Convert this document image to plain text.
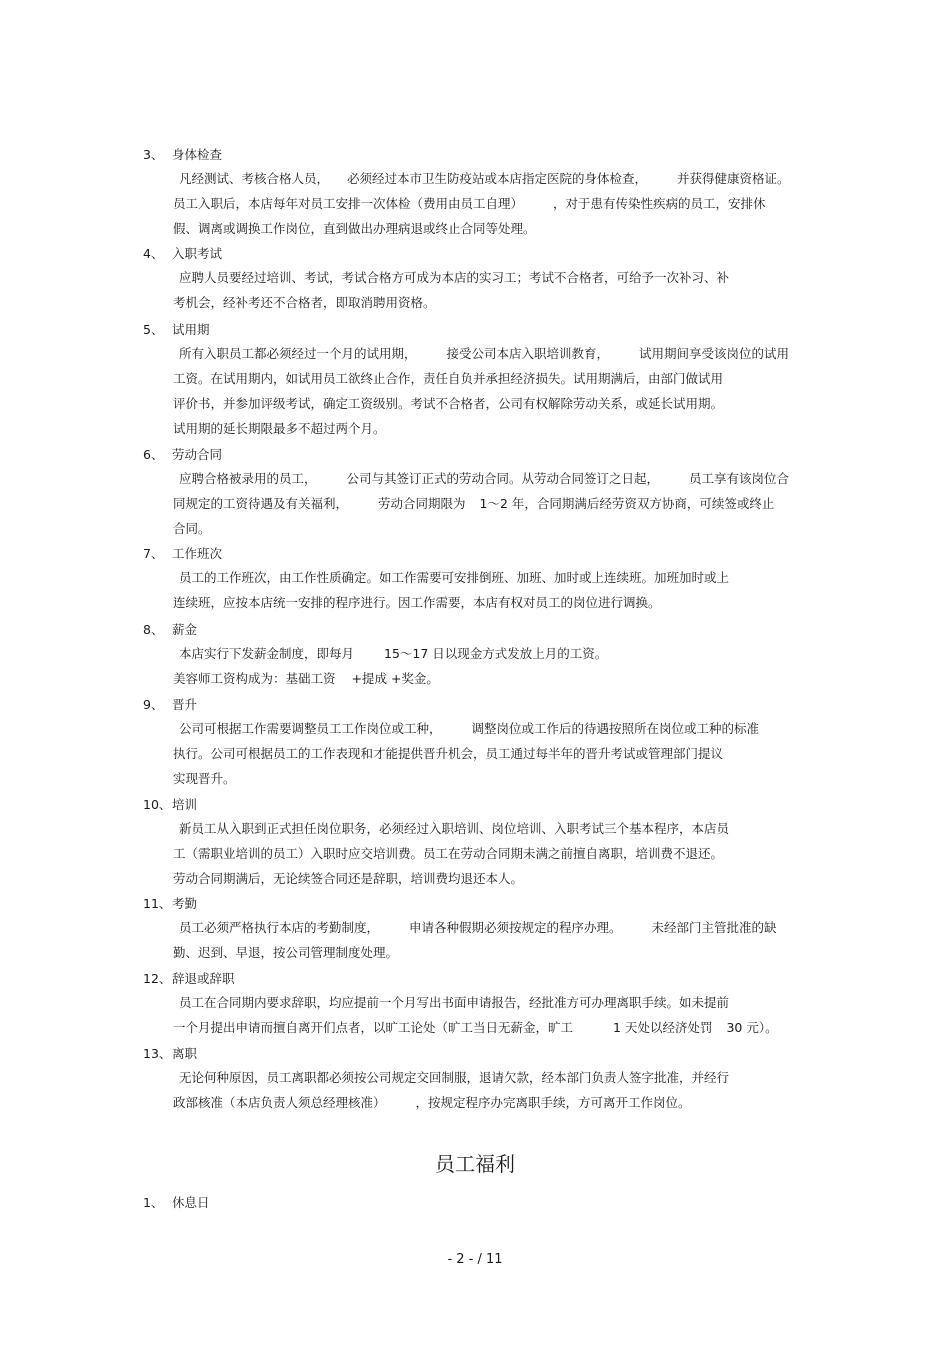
3、 身体检查
凡经测试、考核合格人员， 必须经过本市卫生防疫站或本店指定医院的身体检查， 并获得健康资格证。
员工入职后，本店每年对员工安排一次体检（费用由员工自理） ，对于患有传染性疾病的员工，安排休
假、调离或调换工作岗位，直到做出办理病退或终止合同等处理。
4、 入职考试
应聘人员要经过培训、考试，考试合格方可成为本店的实习工；考试不合格者，可给予一次补习、补
考机会，经补考还不合格者，即取消聘用资格。
5、 试用期
所有入职员工都必须经过一个月的试用期， 接受公司本店入职培训教育， 试用期间享受该岗位的试用
工资。在试用期内，如试用员工欲终止合作，责任自负并承担经济损失。试用期满后，由部门做试用
评价书，并参加评级考试，确定工资级别。考试不合格者，公司有权解除劳动关系，或延长试用期。
试用期的延长期限最多不超过两个月。
6、 劳动合同
应聘合格被录用的员工， 公司与其签订正式的劳动合同。从劳动合同签订之日起， 员工享有该岗位合
同规定的工资待遇及有关福利， 劳动合同期限为 1～2 年，合同期满后经劳资双方协商，可续签或终止
合同。
7、 工作班次
员工的工作班次，由工作性质确定。如工作需要可安排倒班、加班、加时或上连续班。加班加时或上
连续班，应按本店统一安排的程序进行。因工作需要，本店有权对员工的岗位进行调换。
8、 薪金
本店实行下发薪金制度，即每月 15～17 日以现金方式发放上月的工资。
美容师工资构成为：基础工资 +提成 +奖金。
9、 晋升
公司可根据工作需要调整员工工作岗位或工种， 调整岗位或工作后的待遇按照所在岗位或工种的标准
执行。公司可根据员工的工作表现和才能提供晋升机会，员工通过每半年的晋升考试或管理部门提议
实现晋升。
10、培训
新员工从入职到正式担任岗位职务，必须经过入职培训、岗位培训、入职考试三个基本程序，本店员
工（需职业培训的员工）入职时应交培训费。员工在劳动合同期未满之前擅自离职，培训费不退还。
劳动合同期满后，无论续签合同还是辞职，培训费均退还本人。
11、考勤
员工必须严格执行本店的考勤制度， 申请各种假期必须按规定的程序办理。 未经部门主管批准的缺
勤、迟到、早退，按公司管理制度处理。
12、辞退或辞职
员工在合同期内要求辞职，均应提前一个月写出书面申请报告，经批准方可办理离职手续。如未提前
一个月提出申请而擅自离开们点者，以旷工论处（旷工当日无薪金，旷工	1 天处以经济处罚 30 元）。
13、离职
无论何种原因，员工离职都必须按公司规定交回制服，退请欠款，经本部门负责人签字批准，并经行
政部核准（本店负责人须总经理核准） ，按规定程序办完离职手续，方可离开工作岗位。
员工福利
1、 休息日
- 2 - / 11
